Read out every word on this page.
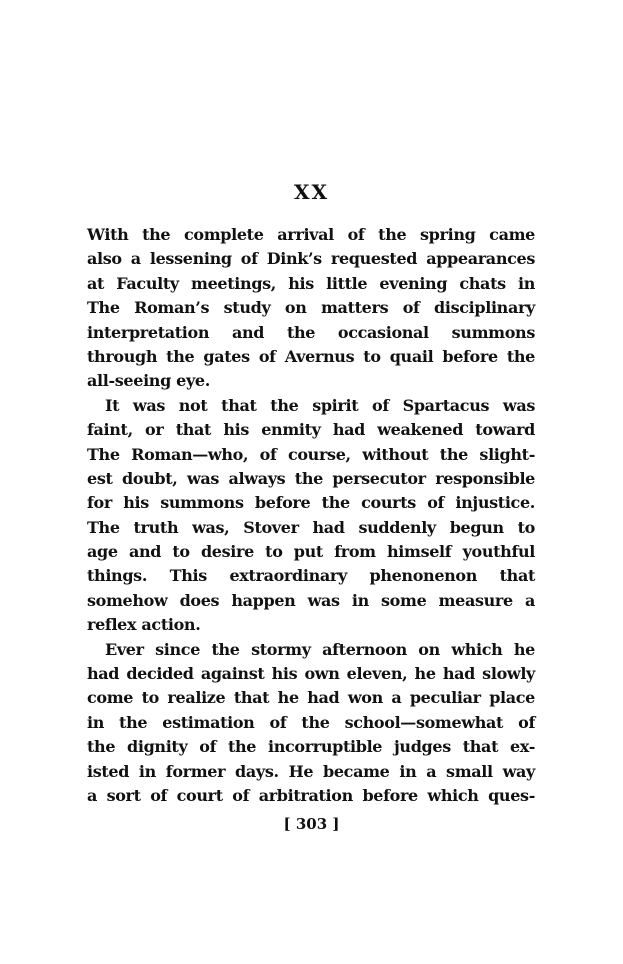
XX
With the complete arrival of the spring came
also a lessening of Dink’s requested appearances
at Faculty meetings, his little evening chats in
The Roman’s study on matters of disciplinary
interpretation and the occasional summons
through the gates of Avernus to quail before the
all-seeing eye.
It was not that the spirit of Spartacus was
faint, or that his enmity had weakened toward
The Roman—who, of course, without the slight-
est doubt, was always the persecutor responsible
for his summons before the courts of injustice.
The truth was, Stover had suddenly begun to
age and to desire to put from himself youthful
things. This extraordinary phenonenon that
somehow does happen was in some measure a
reflex action.
Ever since the stormy afternoon on which he
had decided against his own eleven, he had slowly
come to realize that he had won a peculiar place
in the estimation of the school—somewhat of
the dignity of the incorruptible judges that ex-
isted in former days. He became in a small way
a sort of court of arbitration before which ques-
[ 303 ]
